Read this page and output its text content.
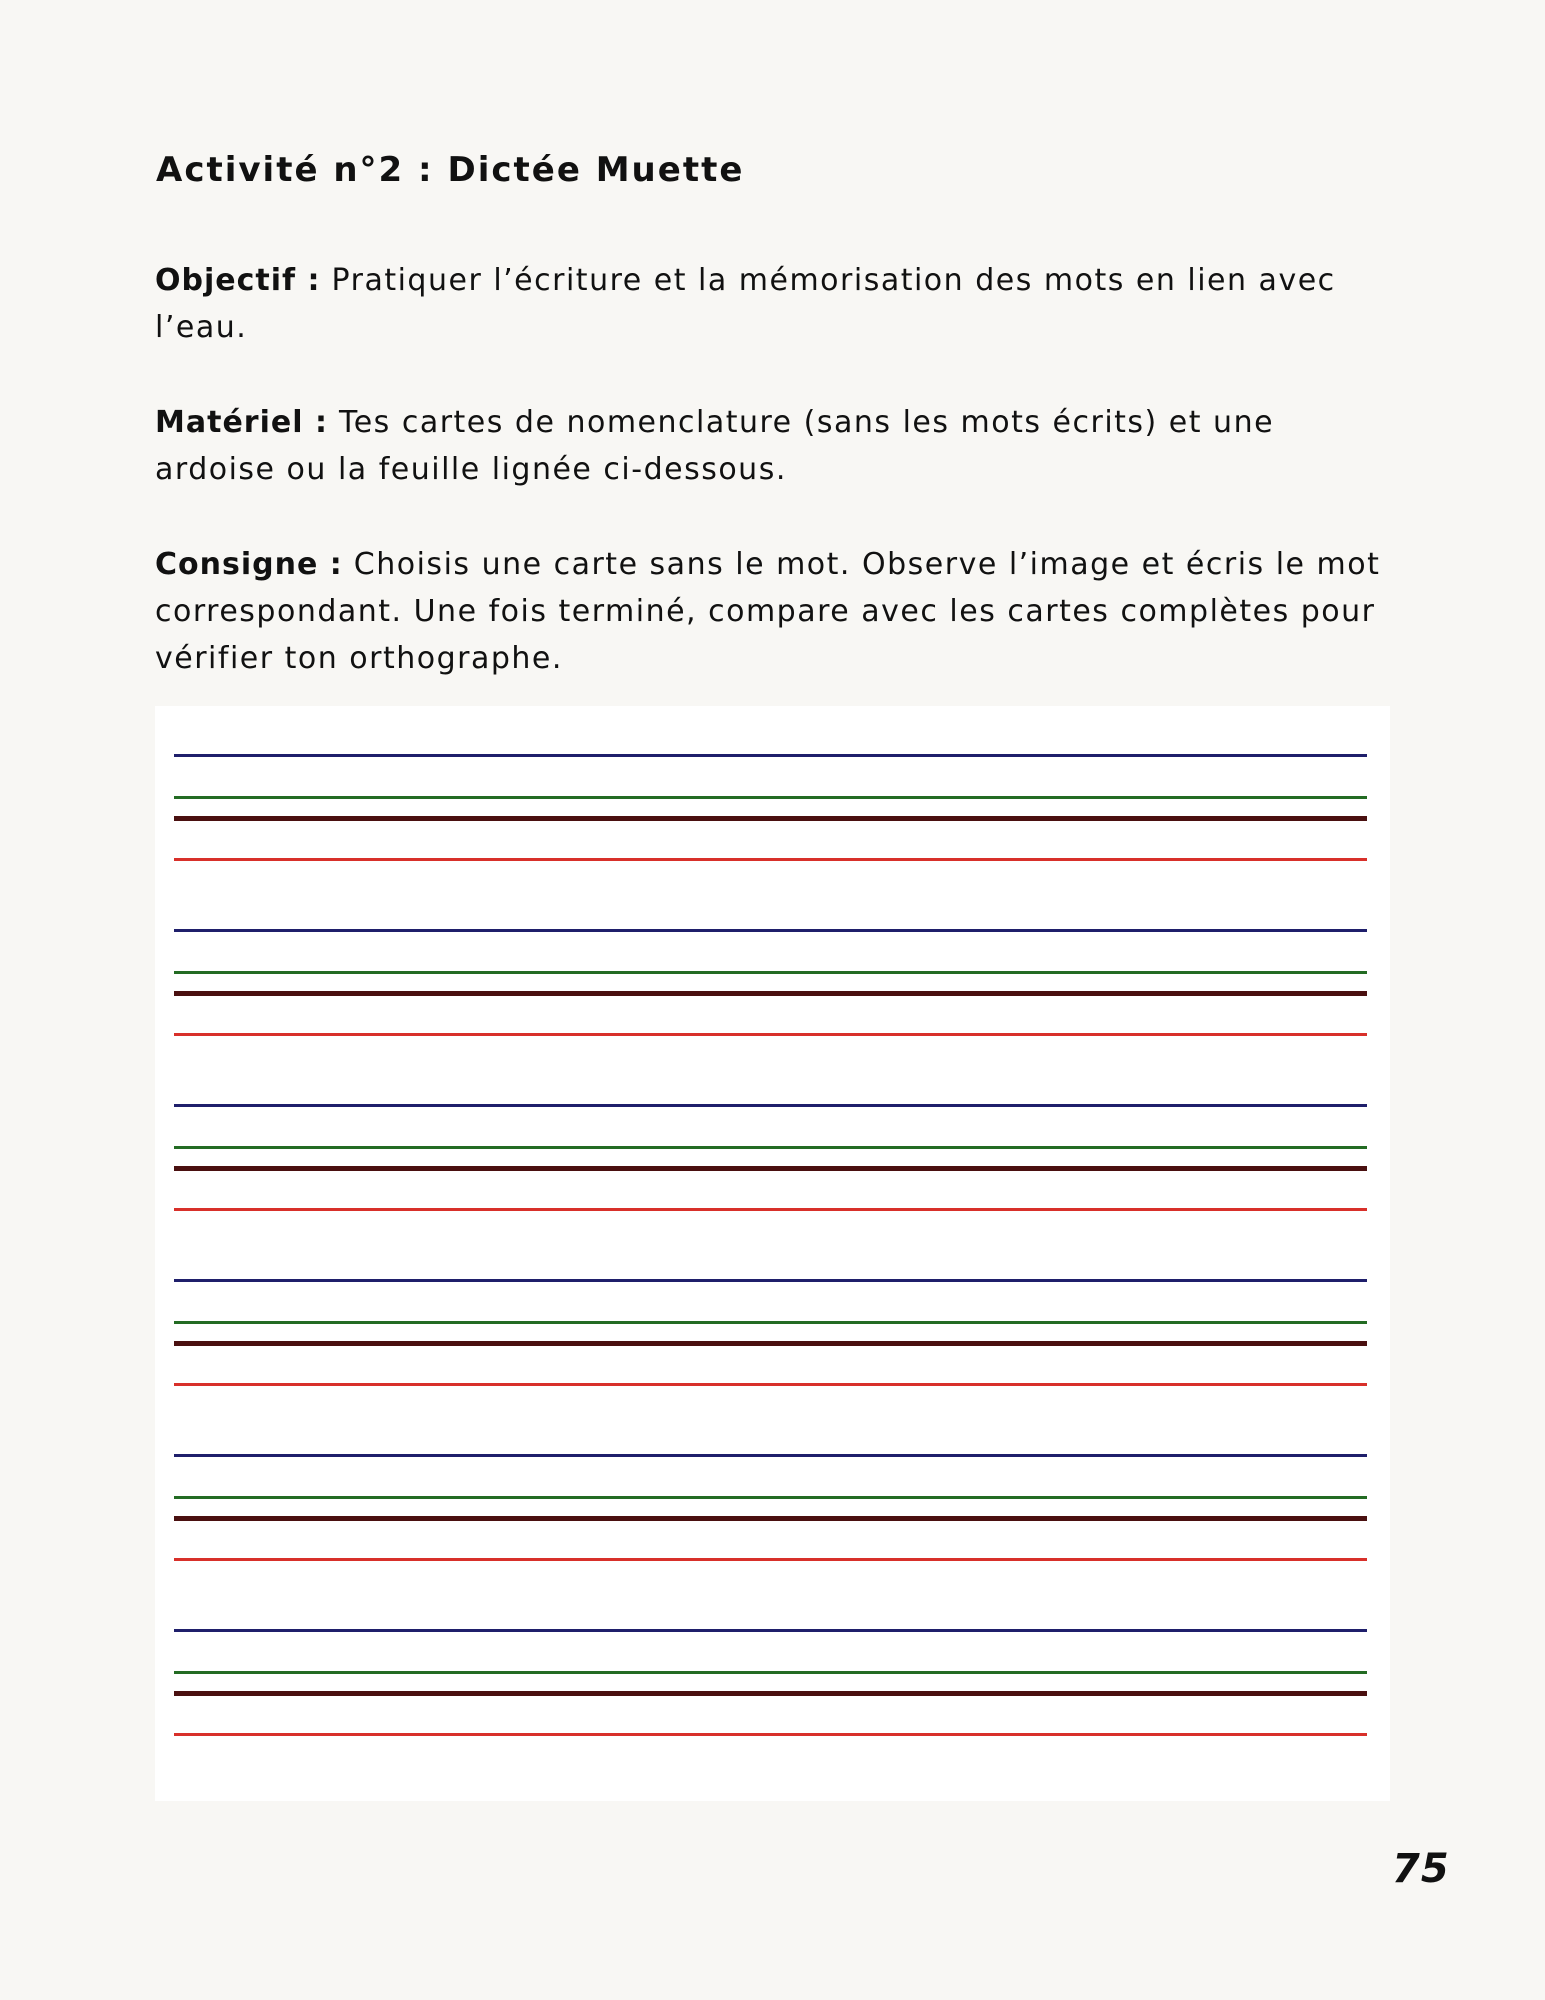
Activité n°2 : Dictée Muette

Objectif : Pratiquer l’écriture et la mémorisation des mots en lien avec l’eau.

Matériel : Tes cartes de nomenclature (sans les mots écrits) et une ardoise ou la feuille lignée ci-dessous.

Consigne : Choisis une carte sans le mot. Observe l’image et écris le mot correspondant. Une fois terminé, compare avec les cartes complètes pour vérifier ton orthographe.

75
